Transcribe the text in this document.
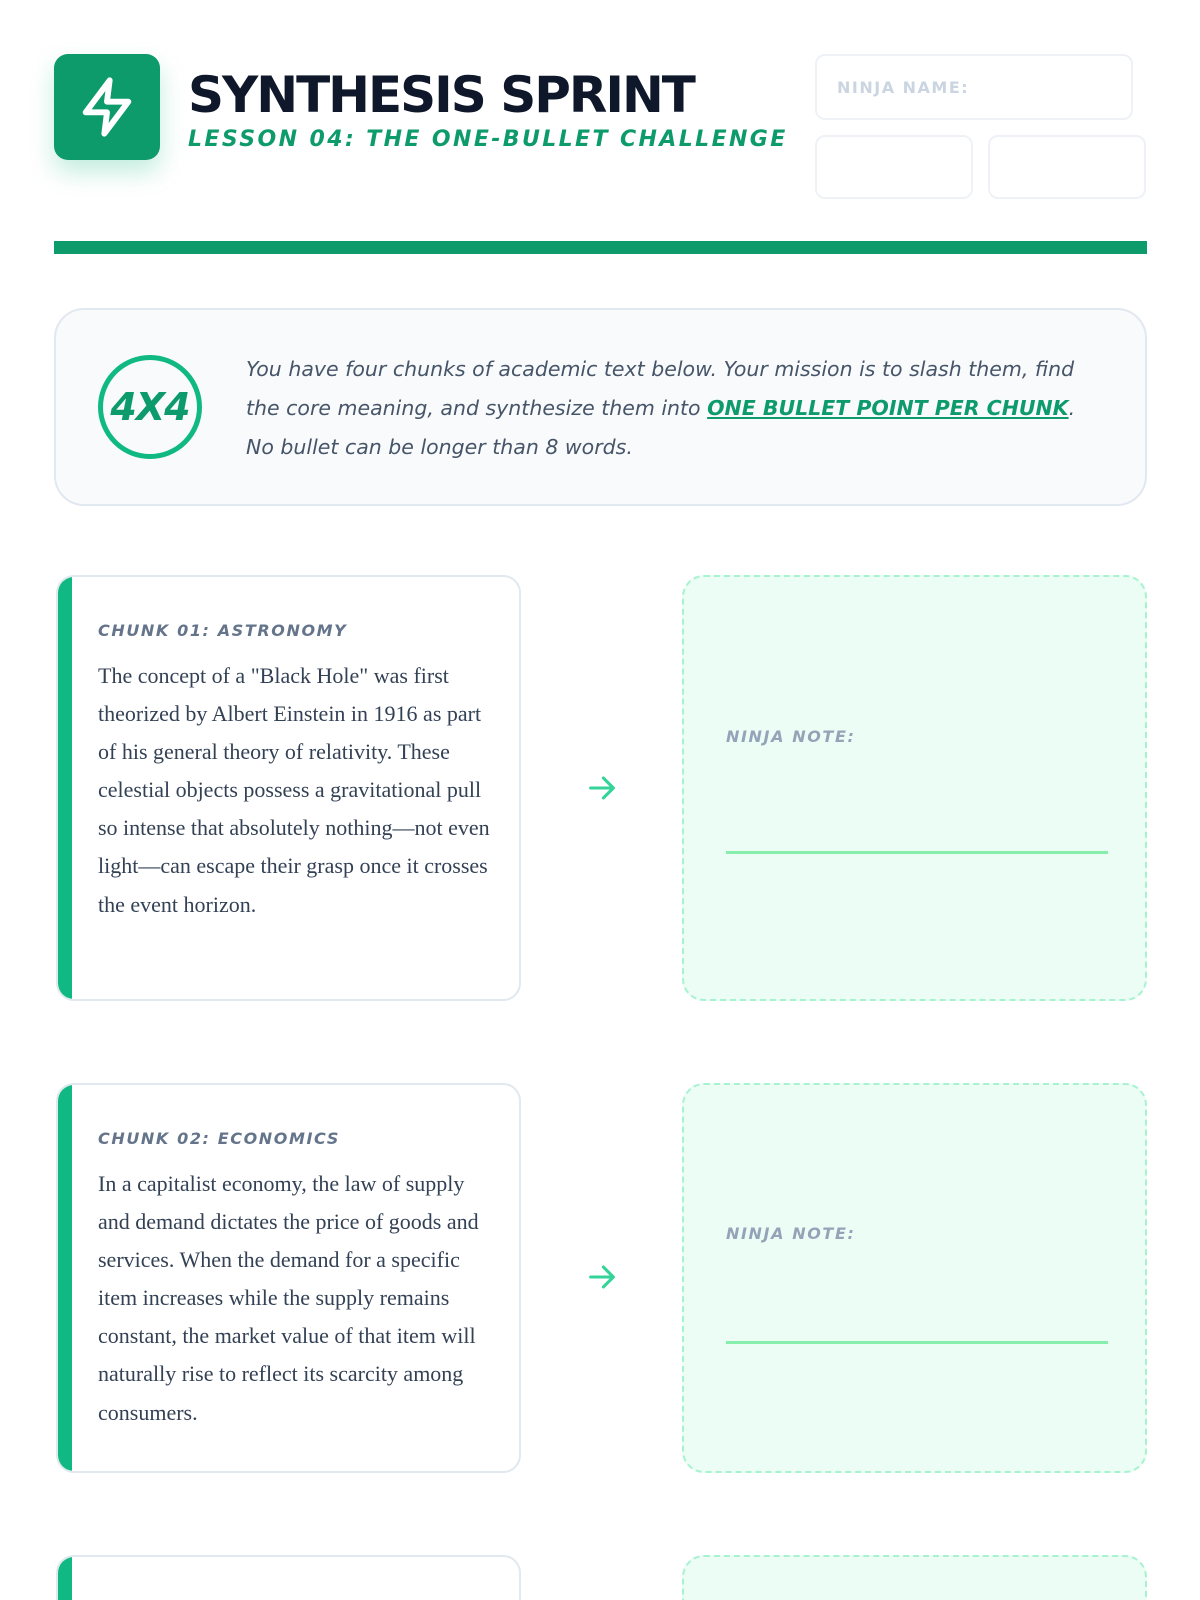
SYNTHESIS SPRINT
LESSON 04: THE ONE-BULLET CHALLENGE
NINJA NAME:
4X4
You have four chunks of academic text below. Your mission is to slash them, find the core meaning, and synthesize them into ONE BULLET POINT PER CHUNK. No bullet can be longer than 8 words.
CHUNK 01: ASTRONOMY
The concept of a "Black Hole" was first theorized by Albert Einstein in 1916 as part of his general theory of relativity. These celestial objects possess a gravitational pull so intense that absolutely nothing—not even light—can escape their grasp once it crosses the event horizon.
NINJA NOTE:
CHUNK 02: ECONOMICS
In a capitalist economy, the law of supply and demand dictates the price of goods and services. When the demand for a specific item increases while the supply remains constant, the market value of that item will naturally rise to reflect its scarcity among consumers.
NINJA NOTE:
